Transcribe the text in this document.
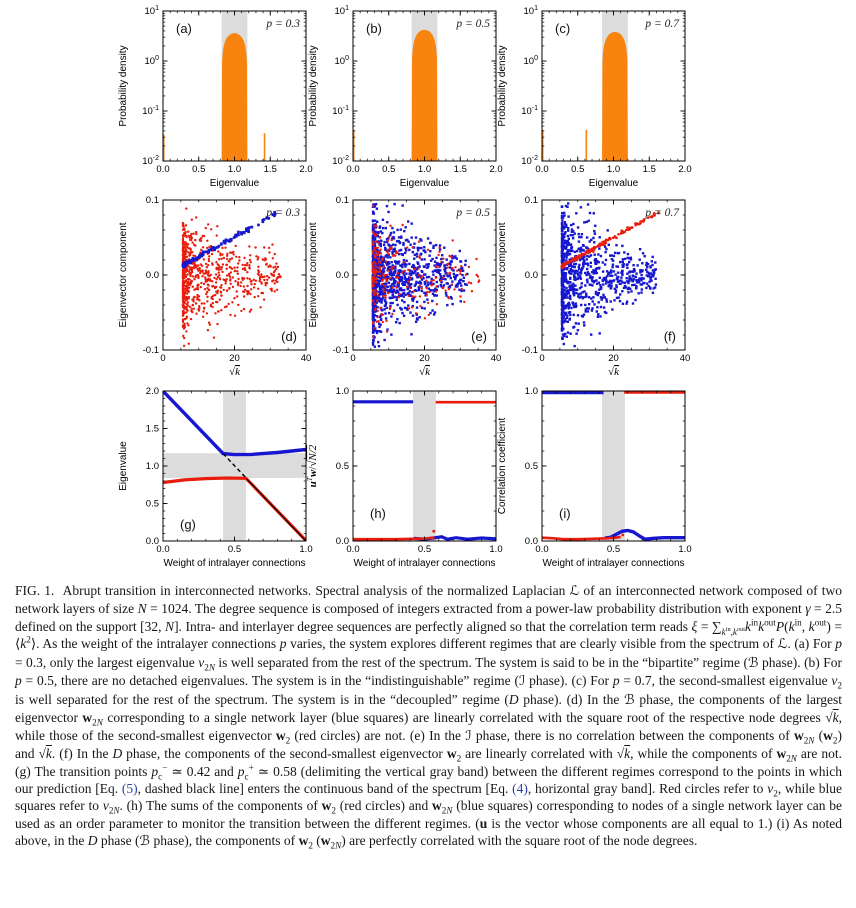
0.0 0.5 1.0 1.5 2.0
$10^1$
$10^0$
$10^{-1}$
$10^{-2}$
Eigenvalue
Probability density
(a)	p = 0.3
0.0 0.5 1.0 1.5 2.0
$10^1$
$10^0$
$10^{-1}$
$10^{-2}$
Eigenvalue
Probability density
(b)	p = 0.5
0.0 0.5 1.0 1.5 2.0
$10^1$
$10^0$
$10^{-1}$
$10^{-2}$
Eigenvalue
Probability density
(c)	p = 0.7
0	20	40
0.1
0.0
-0.1
√k
Eigenvector component
(d)
p = 0.3
0	20	40
0.1
0.0
-0.1
√k
Eigenvector component
(e)
p = 0.5
0	20	40
0.1
0.0
-0.1
√k
Eigenvector component
(f)
p = 0.7
0.0	0.5	1.0
0.0
0.5
1.0
1.5
2.0
Weight of intralayer connections
Eigenvalue
(g)
0.0	0.5	1.0
0.0
0.5
1.0
Weight of intralayer connections
$u^Tw/√N/2$
(h)
0.0	0.5	1.0
0.0
0.5
1.0
Weight of intralayer connections
Correlation coefficient	(i)

FIG. 1.  Abrupt transition in interconnected networks. Spectral analysis of the normalized Laplacian ℒ of an interconnected network composed of two network layers of size N = 1024. The degree sequence is composed of integers extracted from a power-law probability distribution with exponent γ = 2.5 defined on the support [32, N]. Intra- and interlayer degree sequences are perfectly aligned so that the correlation term reads $\xi = \sum_{k^{in},k^{out}}k^{in}k^{out}P(k^{in}$, $k^{out}$) = $⟨k^2⟩$. As the weight of the intralayer connections p varies, the system explores different regimes that are clearly visible from the spectrum of ℒ. (a) For p = 0.3, only the largest eigenvalue $\nu_{2N}$ is well separated from the rest of the spectrum. The system is said to be in the “bipartite” regime (ℬ phase). (b) For p = 0.5, there are no detached eigenvalues. The system is in the “indistinguishable” regime (ℐ phase). (c) For p = 0.7, the second-smallest eigenvalue $\nu_2$ is well separated for the rest of the spectrum. The system is in the “decoupled” regime (D phase). (d) In the ℬ phase, the components of the largest eigenvector $w_{2N}$ corresponding to a single network layer (blue squares) are linearly correlated with the square root of the respective node degrees √k, while those of the second-smallest eigenvector $w_2$ (red circles) are not. (e) In the ℐ phase, there is no correlation between the components of $w_{2N}$ $(w_2)$ and √k. (f) In the D phase, the components of the second-smallest eigenvector $w_2$ are linearly correlated with √k, while the components of $w_{2N}$ are not. (g) The transition points $p_c^-$ ≃ 0.42 and $p_c^+$ ≃ 0.58 (delimiting the vertical gray band) between the different regimes correspond to the points in which our prediction [Eq. (5), dashed black line] enters the continuous band of the spectrum [Eq. (4), horizontal gray band]. Red circles refer to $\nu_2$, while blue squares refer to $\nu_{2N}$. (h) The sums of the components of $w_2$ (red circles) and $w_{2N}$ (blue squares) corresponding to nodes of a single network layer can be used as an order parameter to monitor the transition between the different regimes. (u is the vector whose components are all equal to 1.) (i) As noted above, in the D phase (ℬ phase), the components of $w_2$ $(w_{2N})$ are perfectly correlated with the square root of the node degrees.
